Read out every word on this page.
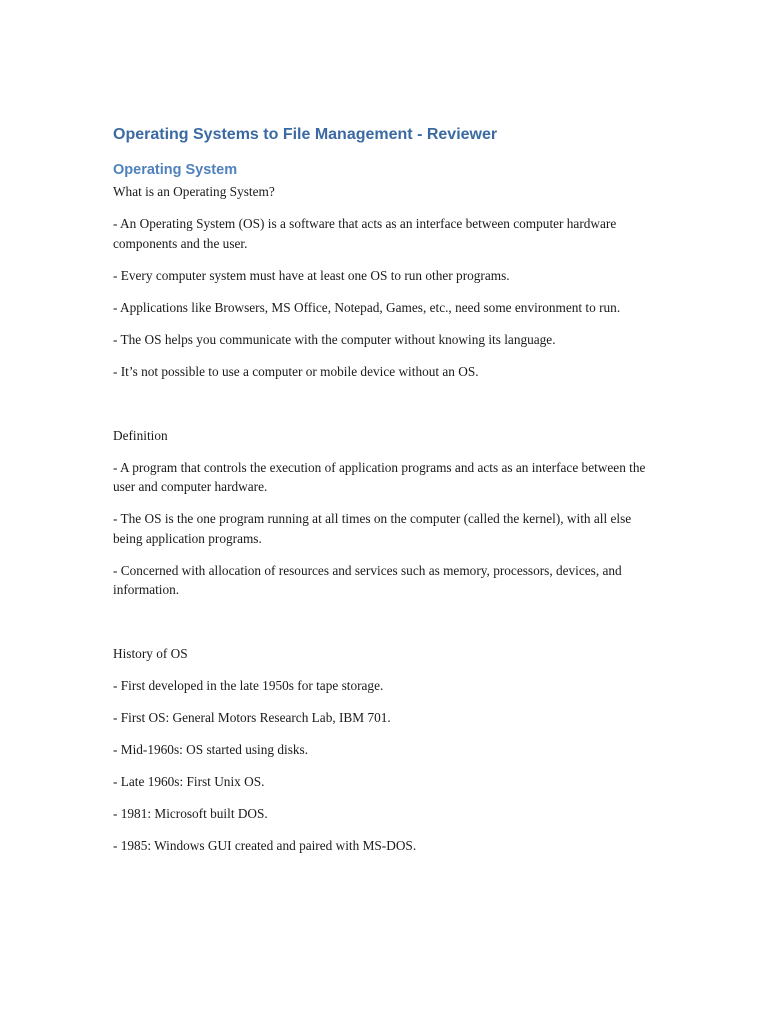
Operating Systems to File Management - Reviewer
Operating System

What is an Operating System?

- An Operating System (OS) is a software that acts as an interface between computer hardware components and the user.

- Every computer system must have at least one OS to run other programs.

- Applications like Browsers, MS Office, Notepad, Games, etc., need some environment to run.

- The OS helps you communicate with the computer without knowing its language.

- It’s not possible to use a computer or mobile device without an OS.

Definition

- A program that controls the execution of application programs and acts as an interface between the user and computer hardware.

- The OS is the one program running at all times on the computer (called the kernel), with all else being application programs.

- Concerned with allocation of resources and services such as memory, processors, devices, and information.

History of OS

- First developed in the late 1950s for tape storage.

- First OS: General Motors Research Lab, IBM 701.

- Mid-1960s: OS started using disks.

- Late 1960s: First Unix OS.

- 1981: Microsoft built DOS.

- 1985: Windows GUI created and paired with MS-DOS.
